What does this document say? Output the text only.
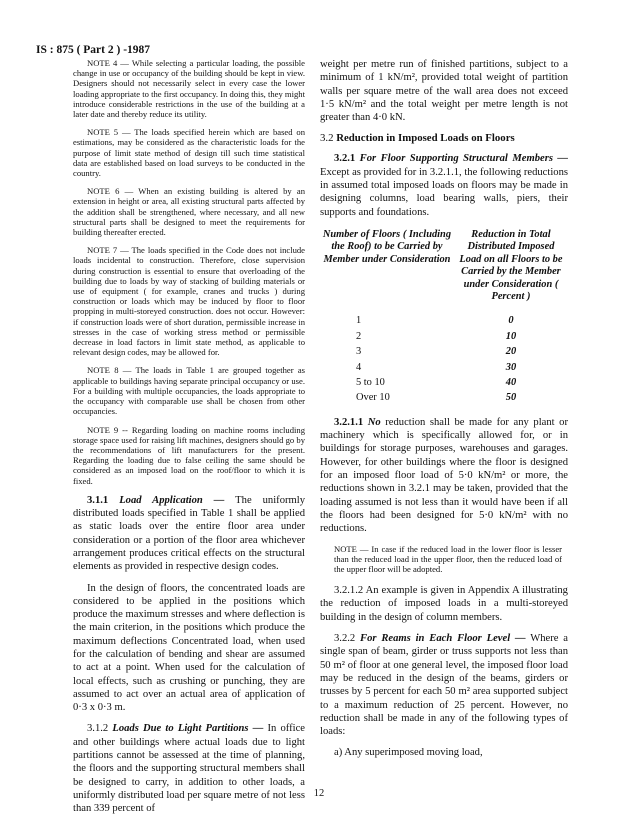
IS : 875 ( Part 2 ) -1987

NOTE 4 — While selecting a particular loading, the possible change in use or occupancy of the building should be kept in view. Designers should not necessarily select in every case the lower loading appropriate to the first occupancy. In doing this, they might introduce considerable restrictions in the use of the building at a later date and thereby reduce its utility.

NOTE 5 — The loads specified herein which are based on estimations, may be considered as the characteristic loads for the purpose of limit state method of design till such time statistical data are established based on load surveys to be conducted in the country.

NOTE 6 — When an existing building is altered by an extension in height or area, all existing structural parts affected by the addition shall be strengthened, where necessary, and all new structural parts shall be designed to meet the requirements for building thereafter erected.

NOTE 7 — The loads specified in the Code does not include loads incidental to construction. Therefore, close supervision during construction is essential to ensure that overloading of the building due to loads by way of stacking of building materials or use of equipment ( for example, cranes and trucks ) during construction or loads which may be induced by floor to floor propping in multi-storeyed construction. does not occur. However: if construction loads were of short duration, permissible increase in stresses in the case of working stress method or permissible decrease in load factors in limit state method, as applicable to relevant design codes, may be allowed for.

NOTE 8 — The loads in Table 1 are grouped together as applicable to buildings having separate principal occupancy or use. For a building with multiple occupancies, the loads appropriate to the occupancy with comparable use shall be chosen from other occupancies.

NOTE 9 -- Regarding loading on machine rooms including storage space used for raising lift machines, designers should go by the recommendations of lift manufacturers for the present. Regarding the loading due to false ceiling the same should be considered as an imposed load on the roof/floor to which it is fixed.

3.1.1 Load Application — The uniformly distributed loads specified in Table 1 shall be applied as static loads over the entire floor area under consideration or a portion of the floor area whichever arrangement produces critical effects on the structural elements as provided in respective design codes.

In the design of floors, the concentrated loads are considered to be applied in the positions which produce the maximum stresses and where deflection is the main criterion, in the positions which produce the maximum deflections Concentrated load, when used for the calculation of bending and shear are assumed to act at a point. When used for the calculation of local effects, such as crushing or punching, they are assumed to act over an actual area of application of 0·3 x 0·3 m.

3.1.2 Loads Due to Light Partitions — In office and other buildings where actual loads due to light partitions cannot be assessed at the time of planning, the floors and the supporting structural members shall be designed to carry, in addition to other loads, a uniformly distributed load per square metre of not less than 339 percent of

weight per metre run of finished partitions, subject to a minimum of 1 kN/m², provided total weight of partition walls per square metre of the wall area does not exceed 1·5 kN/m² and the total weight per metre length is not greater than 4·0 kN.

3.2 Reduction in Imposed Loads on Floors

3.2.1 For Floor Supporting Structural Members — Except as provided for in 3.2.1.1, the following reductions in assumed total imposed loads on floors may be made in designing columns, load bearing walls, piers, their supports and foundations.

Number of Floors ( Including the Roof) to be Carried by Member under Consideration	Reduction in Total Distributed Imposed Load on all Floors to be Carried by the Member under Consideration ( Percent )
1	0
2	10
3	20
4	30
5 to 10	40
Over 10	50

3.2.1.1 No reduction shall be made for any plant or machinery which is specifically allowed for, or in buildings for storage purposes, warehouses and garages. However, for other buildings where the floor is designed for an imposed floor load of 5·0 kN/m² or more, the reductions shown in 3.2.1 may be taken, provided that the loading assumed is not less than it would have been if all the floors had been designed for 5·0 kN/m² with no reductions.

NOTE — In case if the reduced load in the lower floor is lesser than the reduced load in the upper floor, then the reduced load of the upper floor will be adopted.

3.2.1.2 An example is given in Appendix A illustrating the reduction of imposed loads in a multi-storeyed building in the design of column members.

3.2.2 For Reams in Each Floor Level — Where a single span of beam, girder or truss supports not less than 50 m² of floor at one general level, the imposed floor load may be reduced in the design of the beams, girders or trusses by 5 percent for each 50 m² area supported subject to a maximum reduction of 25 percent. However, no reduction shall be made in any of the following types of loads:

a) Any superimposed moving load,

12
